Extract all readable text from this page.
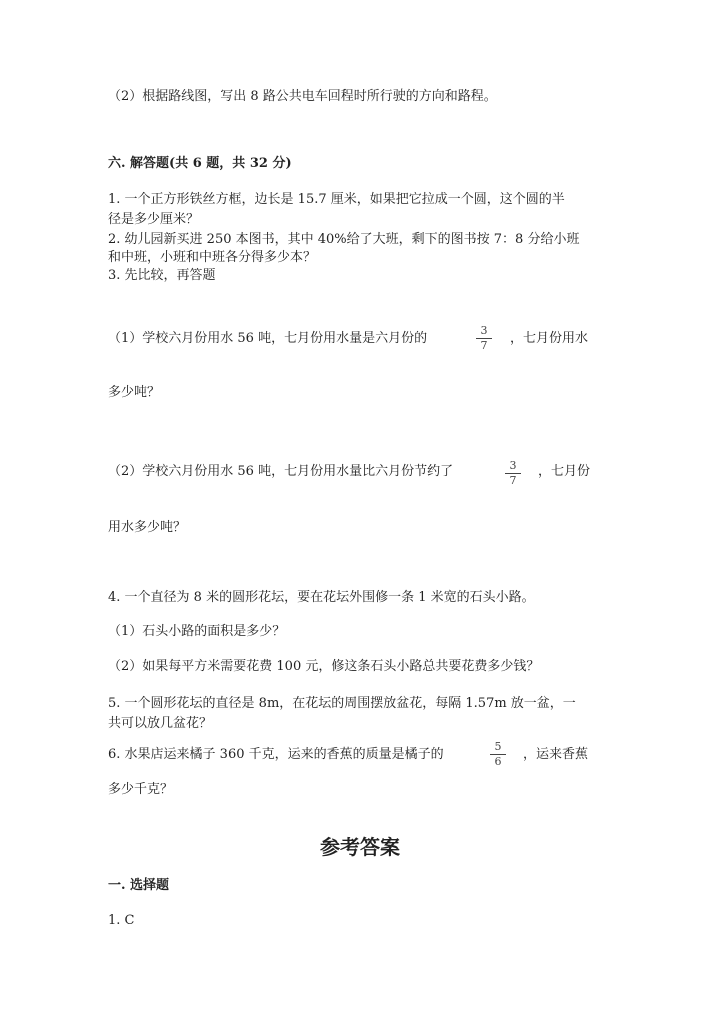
（2）根据路线图，写出 8 路公共电车回程时所行驶的方向和路程。
六. 解答题(共 6 题，共 32 分)
1. 一个正方形铁丝方框，边长是 15.7 厘米，如果把它拉成一个圆，这个圆的半
径是多少厘米？
2. 幼儿园新买进 250 本图书，其中 40%给了大班，剩下的图书按 7：8 分给小班
和中班，小班和中班各分得多少本？
3. 先比较，再答题
（1）学校六月份用水 56 吨，七月份用水量是六月份的	$\frac{3}{7}$ ，七月份用水
多少吨？
（2）学校六月份用水 56 吨，七月份用水量比六月份节约了	$\frac{3}{7}$ ，七月份
用水多少吨？
4. 一个直径为 8 米的圆形花坛，要在花坛外围修一条 1 米宽的石头小路。
（1）石头小路的面积是多少？
（2）如果每平方米需要花费 100 元，修这条石头小路总共要花费多少钱？
5. 一个圆形花坛的直径是 8m，在花坛的周围摆放盆花，每隔 1.57m 放一盆，一
共可以放几盆花？
6. 水果店运来橘子 360 千克，运来的香蕉的质量是橘子的	$\frac{5}{6}$ ，运来香蕉
多少千克？
参考答案
一. 选择题
1. C
